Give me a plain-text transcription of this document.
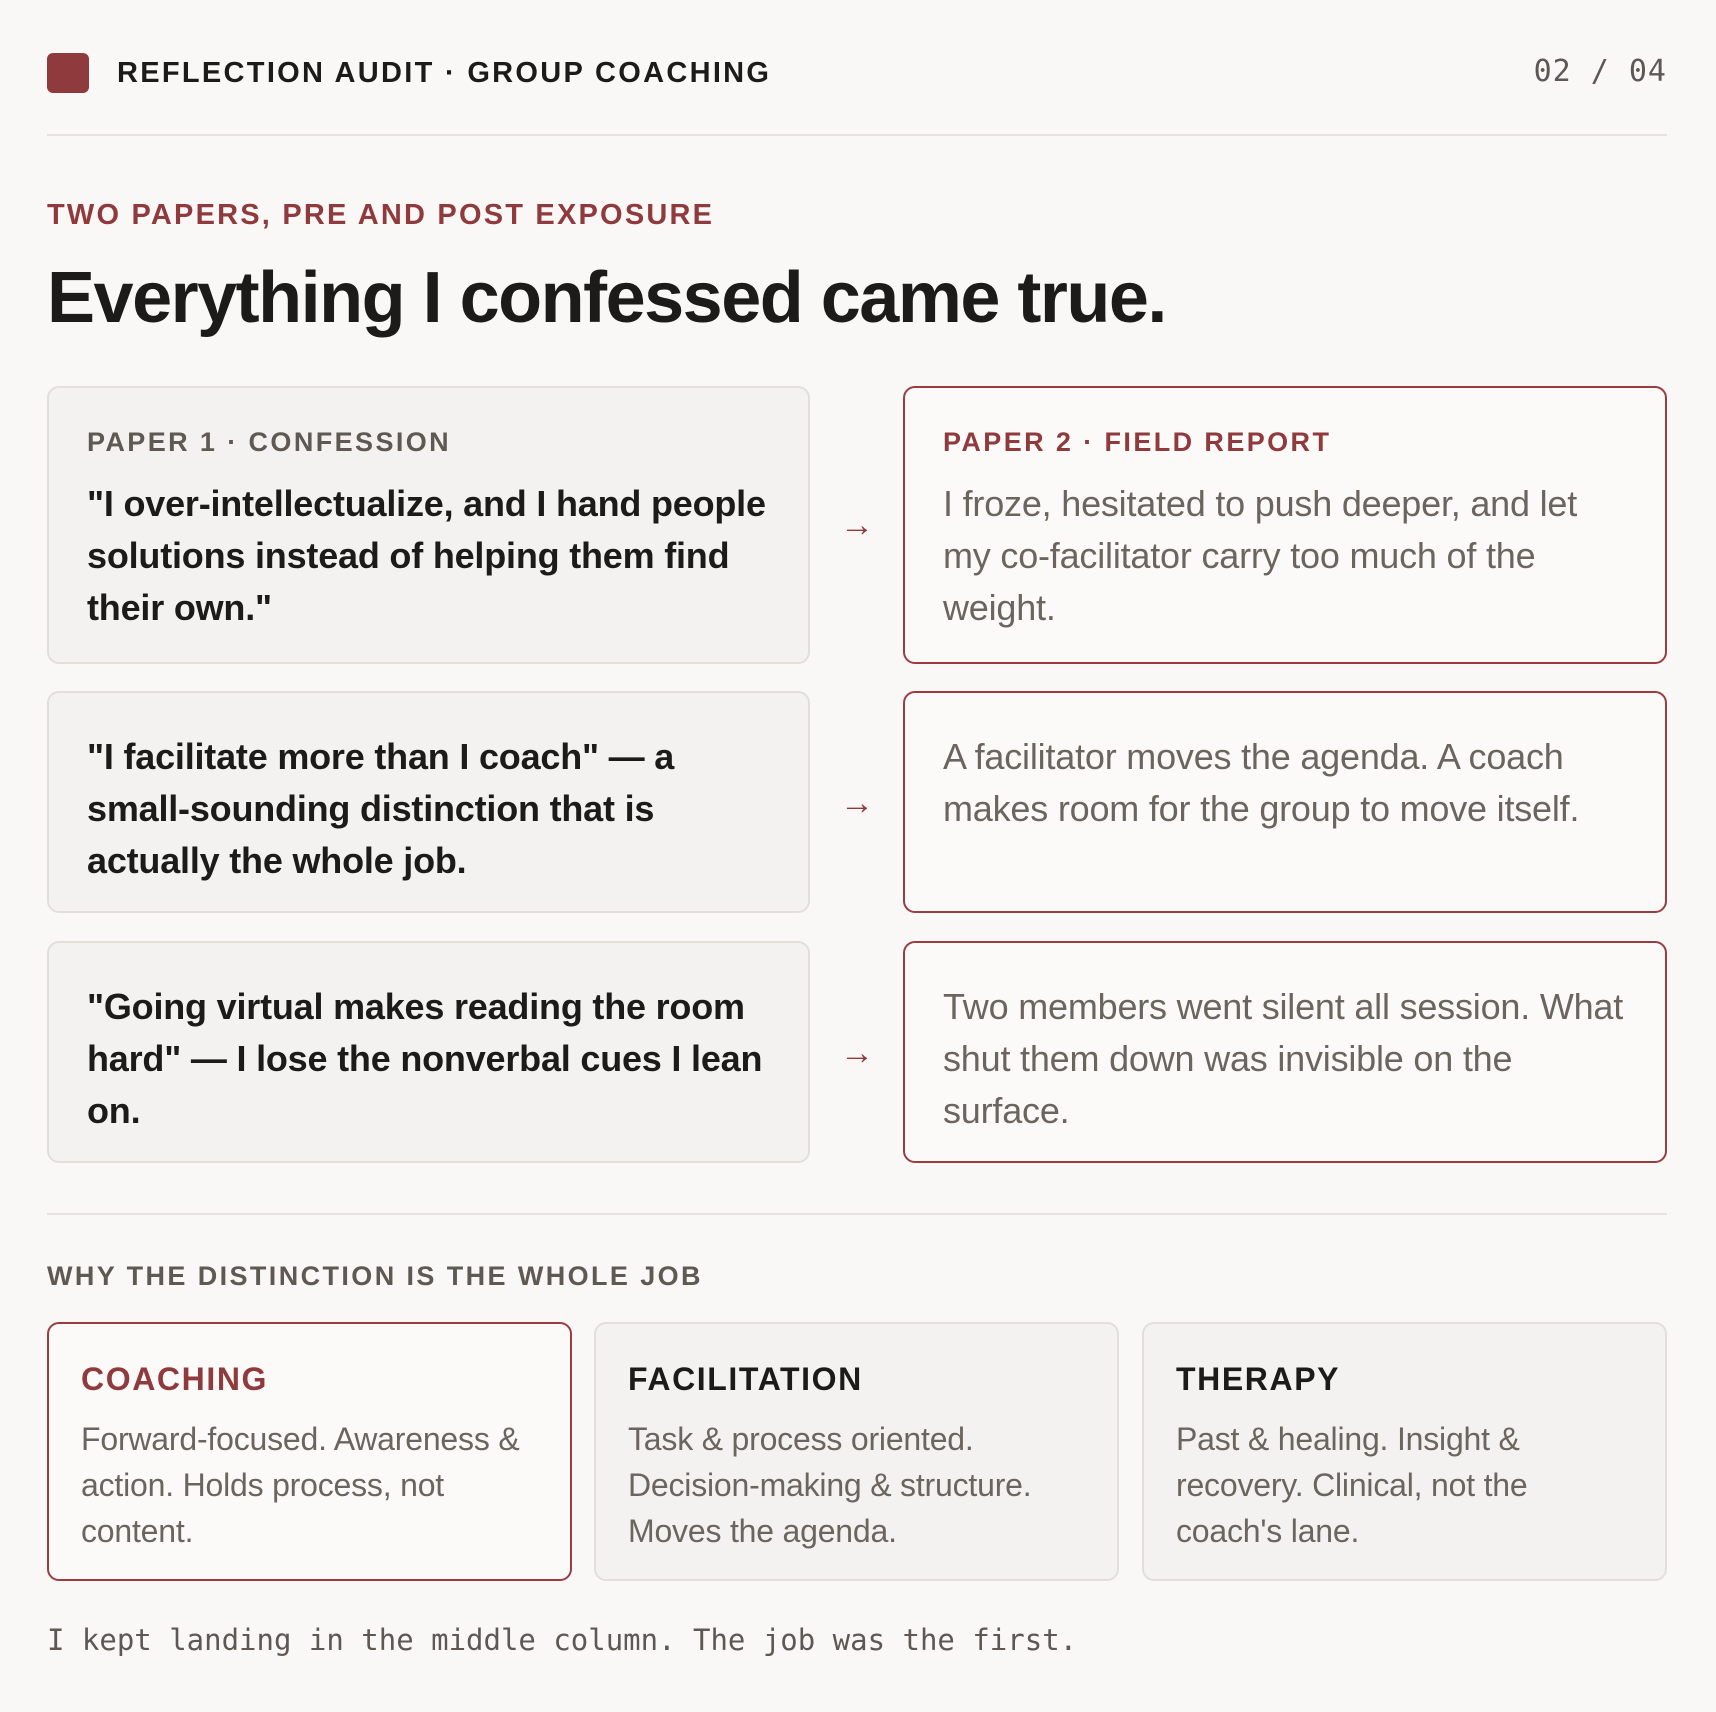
REFLECTION AUDIT · GROUP COACHING	02 / 04
TWO PAPERS, PRE AND POST EXPOSURE
Everything I confessed came true.
PAPER 1 · CONFESSION
"I over-intellectualize, and I hand people solutions instead of helping them find their own."
→
PAPER 2 · FIELD REPORT
I froze, hesitated to push deeper, and let my co-facilitator carry too much of the weight.
"I facilitate more than I coach" — a small-sounding distinction that is actually the whole job.
→
A facilitator moves the agenda. A coach makes room for the group to move itself.
"Going virtual makes reading the room hard" — I lose the nonverbal cues I lean on.
→
Two members went silent all session. What shut them down was invisible on the surface.
WHY THE DISTINCTION IS THE WHOLE JOB
COACHING
Forward-focused. Awareness & action. Holds process, not content.
FACILITATION
Task & process oriented. Decision-making & structure. Moves the agenda.
THERAPY
Past & healing. Insight & recovery. Clinical, not the coach's lane.
I kept landing in the middle column. The job was the first.
